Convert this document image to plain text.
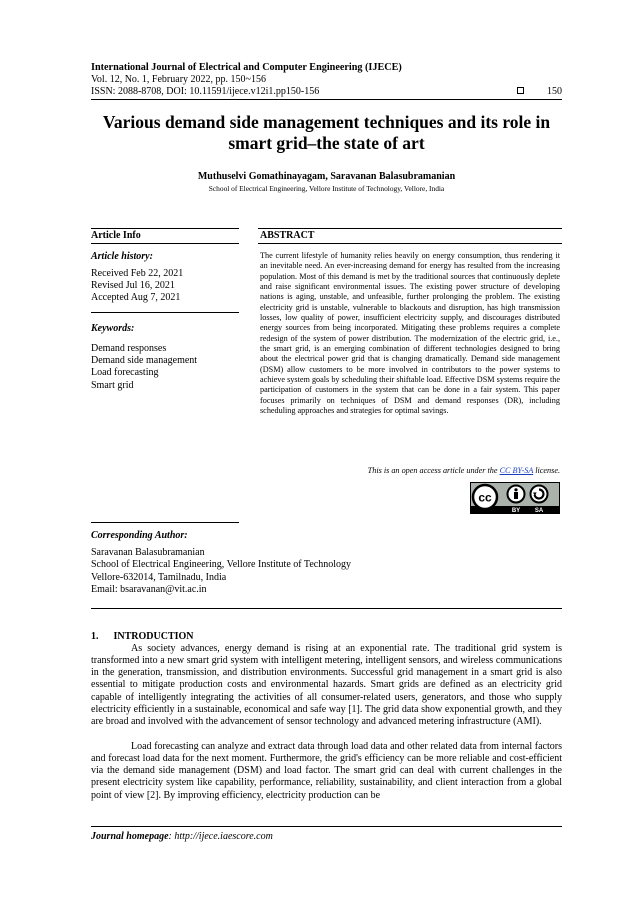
International Journal of Electrical and Computer Engineering (IJECE)
Vol. 12, No. 1, February 2022, pp. 150~156
ISSN: 2088-8708, DOI: 10.11591/ijece.v12i1.pp150-156	150
Various demand side management techniques and its role in smart grid–the state of art
Muthuselvi Gomathinayagam, Saravanan Balasubramanian
School of Electrical Engineering, Vellore Institute of Technology, Vellore, India
Article Info
Article history:
Received Feb 22, 2021
Revised Jul 16, 2021
Accepted Aug 7, 2021
Keywords:
Demand responses
Demand side management
Load forecasting
Smart grid
ABSTRACT
The current lifestyle of humanity relies heavily on energy consumption, thus rendering it an inevitable need. An ever-increasing demand for energy has resulted from the increasing population. Most of this demand is met by the traditional sources that continuously deplete and raise significant environmental issues. The existing power structure of developing nations is aging, unstable, and unfeasible, further prolonging the problem. The existing electricity grid is unstable, vulnerable to blackouts and disruption, has high transmission losses, low quality of power, insufficient electricity supply, and discourages distributed energy sources from being incorporated. Mitigating these problems requires a complete redesign of the system of power distribution. The modernization of the electric grid, i.e., the smart grid, is an emerging combination of different technologies designed to bring about the electrical power grid that is changing dramatically. Demand side management (DSM) allow customers to be more involved in contributors to the power systems to achieve system goals by scheduling their shiftable load. Effective DSM systems require the participation of customers in the system that can be done in a fair system. This paper focuses primarily on techniques of DSM and demand responses (DR), including scheduling approaches and strategies for optimal savings.
This is an open access article under the CC BY-SA license.
cc
BY SA
Corresponding Author:
Saravanan Balasubramanian
School of Electrical Engineering, Vellore Institute of Technology
Vellore-632014, Tamilnadu, India
Email: bsaravanan@vit.ac.in
1.      INTRODUCTION
As society advances, energy demand is rising at an exponential rate. The traditional grid system is transformed into a new smart grid system with intelligent metering, intelligent sensors, and wireless communications in the generation, transmission, and distribution environments. Successful grid management in a smart grid is also essential to mitigate production costs and environmental hazards. Smart grids are defined as an electricity grid capable of intelligently integrating the activities of all consumer-related users, generators, and those who supply electricity efficiently in a sustainable, economical and safe way [1]. The grid data show exponential growth, and they are broad and involved with the advancement of sensor technology and advanced metering infrastructure (AMI).
Load forecasting can analyze and extract data through load data and other related data from internal factors and forecast load data for the next moment. Furthermore, the grid's efficiency can be more reliable and cost-efficient via the demand side management (DSM) and load factor. The smart grid can deal with current challenges in the present electricity system like capability, performance, reliability, sustainability, and client interaction from a global point of view [2]. By improving efficiency, electricity production can be
Journal homepage: http://ijece.iaescore.com
